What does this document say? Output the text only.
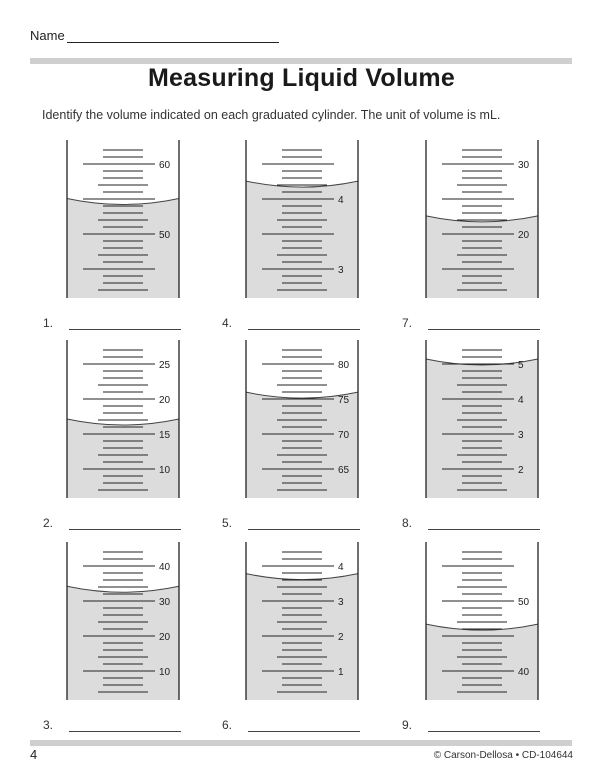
Name
Measuring Liquid Volume
Identify the volume indicated on each graduated cylinder. The unit of volume is mL.
60
50
25
20
15
10
40
30
20
10
4
3
80
75
70
65
4
3
2
1
30
20
5
4
3
2
50
40
1.
2.
3.
4.
5.
6.
7.
8.
9.
4	© Carson-Dellosa • CD-104644
